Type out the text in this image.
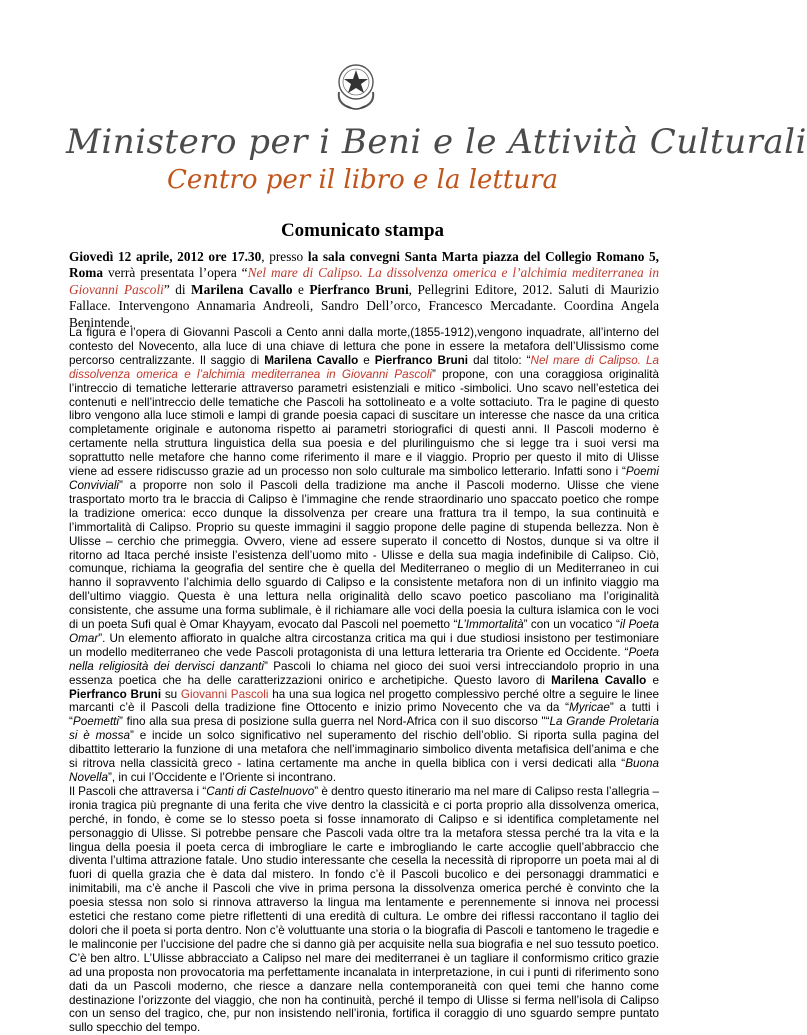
Ministero per i Beni e le Attività Culturali
Centro per il libro e la lettura
Comunicato stampa
Giovedì 12 aprile, 2012 ore 17.30, presso la sala convegni Santa Marta piazza del Collegio Romano 5, Roma verrà presentata l’opera “Nel mare di Calipso. La dissolvenza omerica e l’alchimia mediterranea in Giovanni Pascoli” di Marilena Cavallo e Pierfranco Bruni, Pellegrini Editore, 2012. Saluti di Maurizio Fallace. Intervengono Annamaria Andreoli, Sandro Dell’orco, Francesco Mercadante. Coordina Angela Benintende.

La figura e l’opera di Giovanni Pascoli a Cento anni dalla morte,(1855-1912),vengono inquadrate, all’interno del contesto del Novecento, alla luce di una chiave di lettura che pone in essere la metafora dell’Ulissismo come percorso centralizzante. Il saggio di Marilena Cavallo e Pierfranco Bruni dal titolo: “Nel mare di Calipso. La dissolvenza omerica e l’alchimia mediterranea in Giovanni Pascoli” propone, con una coraggiosa originalità l’intreccio di tematiche letterarie attraverso parametri esistenziali e mitico -simbolici. Uno scavo nell’estetica dei contenuti e nell’intreccio delle tematiche che Pascoli ha sottolineato e a volte sottaciuto. Tra le pagine di questo libro vengono alla luce stimoli e lampi di grande poesia capaci di suscitare un interesse che nasce da una critica completamente originale e autonoma rispetto ai parametri storiografici di questi anni. Il Pascoli moderno è certamente nella struttura linguistica della sua poesia e del plurilinguismo che si legge tra i suoi versi ma soprattutto nelle metafore che hanno come riferimento il mare e il viaggio. Proprio per questo il mito di Ulisse viene ad essere ridiscusso grazie ad un processo non solo culturale ma simbolico letterario. Infatti sono i “Poemi Conviviali” a proporre non solo il Pascoli della tradizione ma anche il Pascoli moderno. Ulisse che viene trasportato morto tra le braccia di Calipso è l’immagine che rende straordinario uno spaccato poetico che rompe la tradizione omerica: ecco dunque la dissolvenza per creare una frattura tra il tempo, la sua continuità e l’immortalità di Calipso. Proprio su queste immagini il saggio propone delle pagine di stupenda bellezza. Non è Ulisse – cerchio che primeggia. Ovvero, viene ad essere superato il concetto di Nostos, dunque si va oltre il ritorno ad Itaca perché insiste l’esistenza dell’uomo mito - Ulisse e della sua magia indefinibile di Calipso. Ciò, comunque, richiama la geografia del sentire che è quella del Mediterraneo o meglio di un Mediterraneo in cui hanno il sopravvento l’alchimia dello sguardo di Calipso e la consistente metafora non di un infinito viaggio ma dell’ultimo viaggio. Questa è una lettura nella originalità dello scavo poetico pascoliano ma l’originalità consistente, che assume una forma sublimale, è il richiamare alle voci della poesia la cultura islamica con le voci di un poeta Sufi qual è Omar Khayyam, evocato dal Pascoli nel poemetto “L’Immortalità” con un vocatico “il Poeta Omar”. Un elemento affiorato in qualche altra circostanza critica ma qui i due studiosi insistono per testimoniare un modello mediterraneo che vede Pascoli protagonista di una lettura letteraria tra Oriente ed Occidente. “Poeta nella religiosità dei dervisci danzanti” Pascoli lo chiama nel gioco dei suoi versi intrecciandolo proprio in una essenza poetica che ha delle caratterizzazioni onirico e archetipiche. Questo lavoro di Marilena Cavallo e Pierfranco Bruni su Giovanni Pascoli ha una sua logica nel progetto complessivo perché oltre a seguire le linee marcanti c’è il Pascoli della tradizione fine Ottocento e inizio primo Novecento che va da “Myricae” a tutti i “Poemetti” fino alla sua presa di posizione sulla guerra nel Nord-Africa con il suo discorso "“La Grande Proletaria si è mossa” e incide un solco significativo nel superamento del rischio dell’oblio. Si riporta sulla pagina del dibattito letterario la funzione di una metafora che nell’immaginario simbolico diventa metafisica dell’anima e che si ritrova nella classicità greco - latina certamente ma anche in quella biblica con i versi dedicati alla “Buona Novella”, in cui l’Occidente e l’Oriente si incontrano.

Il Pascoli che attraversa i “Canti di Castelnuovo” è dentro questo itinerario ma nel mare di Calipso resta l’allegria – ironia tragica più pregnante di una ferita che vive dentro la classicità e ci porta proprio alla dissolvenza omerica, perché, in fondo, è come se lo stesso poeta si fosse innamorato di Calipso e si identifica completamente nel personaggio di Ulisse. Si potrebbe pensare che Pascoli vada oltre tra la metafora stessa perché tra la vita e la lingua della poesia il poeta cerca di imbrogliare le carte e imbrogliando le carte accoglie quell’abbraccio che diventa l’ultima attrazione fatale. Uno studio interessante che cesella la necessità di riproporre un poeta mai al di fuori di quella grazia che è data dal mistero. In fondo c’è il Pascoli bucolico e dei personaggi drammatici e inimitabili, ma c’è anche il Pascoli che vive in prima persona la dissolvenza omerica perché è convinto che la poesia stessa non solo si rinnova attraverso la lingua ma lentamente e perennemente si innova nei processi estetici che restano come pietre riflettenti di una eredità di cultura. Le ombre dei riflessi raccontano il taglio dei dolori che il poeta si porta dentro. Non c’è voluttuante una storia o la biografia di Pascoli e tantomeno le tragedie e le malinconie per l’uccisione del padre che si danno già per acquisite nella sua biografia e nel suo tessuto poetico. C’è ben altro. L’Ulisse abbracciato a Calipso nel mare dei mediterranei è un tagliare il conformismo critico grazie ad una proposta non provocatoria ma perfettamente incanalata in interpretazione, in cui i punti di riferimento sono dati da un Pascoli moderno, che riesce a danzare nella contemporaneità con quei temi che hanno come destinazione l’orizzonte del viaggio, che non ha continuità, perché il tempo di Ulisse si ferma nell’isola di Calipso con un senso del tragico, che, pur non insistendo nell’ironia, fortifica il coraggio di uno sguardo sempre puntato sullo specchio del tempo.
